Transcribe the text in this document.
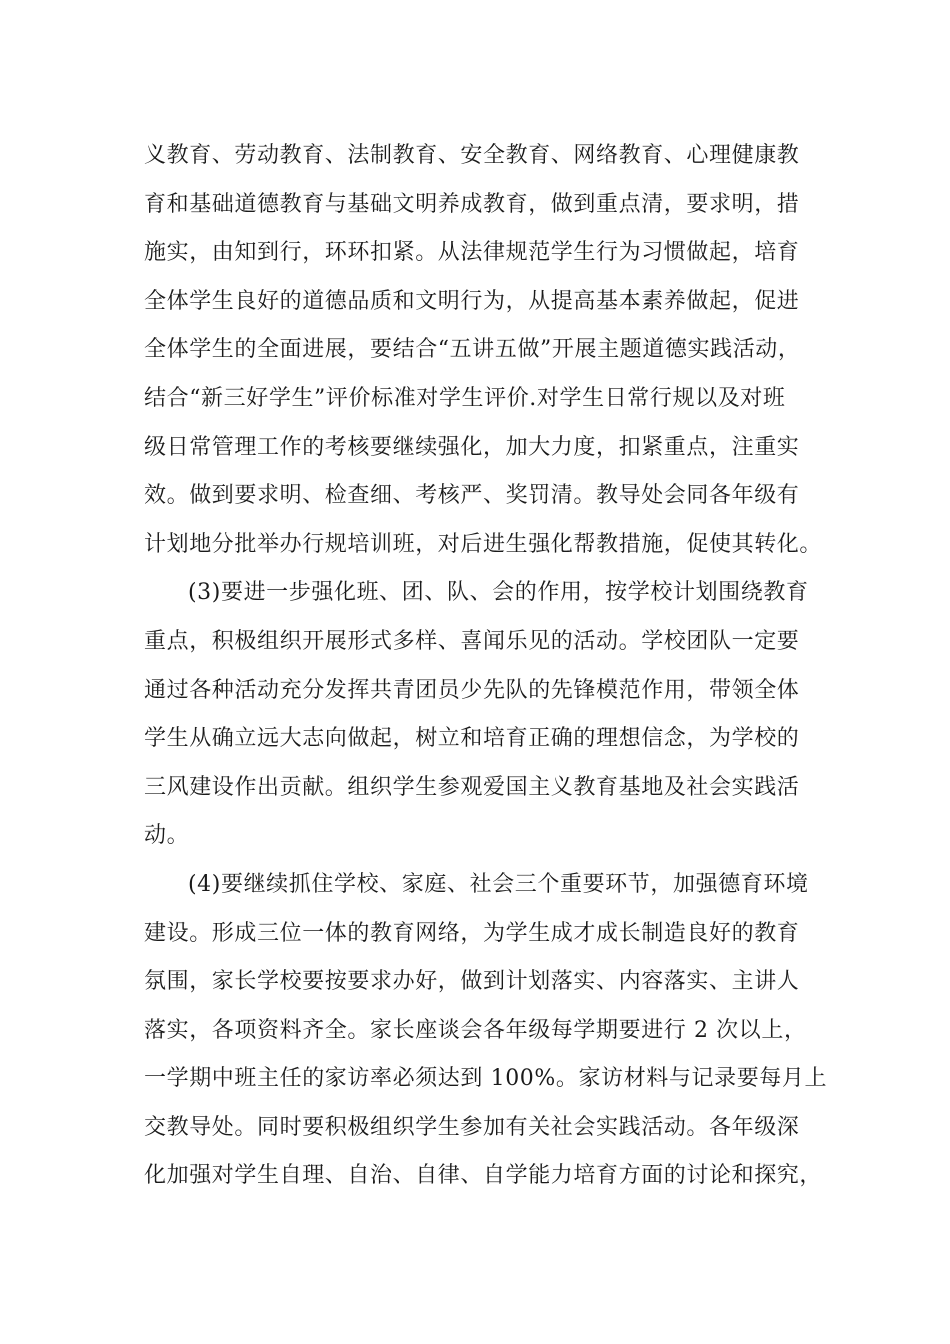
义教育、劳动教育、法制教育、安全教育、网络教育、心理健康教
育和基础道德教育与基础文明养成教育，做到重点清，要求明，措
施实，由知到行，环环扣紧。从法律规范学生行为习惯做起，培育
全体学生良好的道德品质和文明行为，从提高基本素养做起，促进
全体学生的全面进展，要结合“五讲五做”开展主题道德实践活动，
结合“新三好学生”评价标准对学生评价.对学生日常行规以及对班
级日常管理工作的考核要继续强化，加大力度，扣紧重点，注重实
效。做到要求明、检查细、考核严、奖罚清。教导处会同各年级有
计划地分批举办行规培训班，对后进生强化帮教措施，促使其转化。
(3)要进一步强化班、团、队、会的作用，按学校计划围绕教育
重点，积极组织开展形式多样、喜闻乐见的活动。学校团队一定要
通过各种活动充分发挥共青团员少先队的先锋模范作用，带领全体
学生从确立远大志向做起，树立和培育正确的理想信念，为学校的
三风建设作出贡献。组织学生参观爱国主义教育基地及社会实践活
动。
(4)要继续抓住学校、家庭、社会三个重要环节，加强德育环境
建设。形成三位一体的教育网络，为学生成才成长制造良好的教育
氛围，家长学校要按要求办好，做到计划落实、内容落实、主讲人
落实，各项资料齐全。家长座谈会各年级每学期要进行 2 次以上，
一学期中班主任的家访率必须达到 100%。家访材料与记录要每月上
交教导处。同时要积极组织学生参加有关社会实践活动。各年级深
化加强对学生自理、自治、自律、自学能力培育方面的讨论和探究，
